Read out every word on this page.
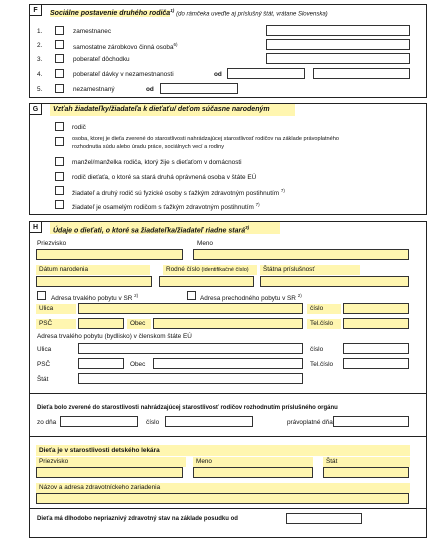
F	Sociálne postavenie druhého rodiča$^{1)}$ (do rámčeka uveďte aj príslušný štát, vrátane Slovenska)
1.	zamestnanec
2.	samostatne zárobkovo činná osoba$^{6)}$
3.	poberateľ dôchodku
4.	poberateľ dávky v nezamestnanosti	od
5.	nezamestnaný	od
G	Vzťah žiadateľky/žiadateľa k dieťaťu/ deťom súčasne narodeným
rodič
osoba, ktorej je dieťa zverené do starostlivosti nahrádzajúcej starostlivosť rodičov na základe právoplatného
rozhodnutia súdu alebo úradu práce, sociálnych vecí a rodiny
manžel/manželka rodiča, ktorý žije s dieťaťom v domácnosti
rodič dieťaťa, o ktoré sa stará druhá oprávnená osoba v štáte EÚ
žiadateľ a druhý rodič sú fyzické osoby s ťažkým zdravotným postihnutím $^{7)}$
žiadateľ je osamelým rodičom s ťažkým zdravotným postihnutím $^{7)}$
H	Údaje o dieťati, o ktoré sa žiadateľka/žiadateľ riadne stará$^{3)}$
Priezvisko	Meno
Dátum narodenia	Rodné číslo (identifikačné číslo)	Štátna príslušnosť
Adresa trvalého pobytu v SR $^{2)}$	Adresa prechodného pobytu v SR $^{2)}$
Ulica	číslo
PSČ	Obec	Tel.číslo
Adresa trvalého pobytu (bydlisko) v členskom štáte EÚ
Ulica	číslo
PSČ	Obec	Tel.číslo
Štát
Dieťa bolo zverené do starostlivosti nahrádzajúcej starostlivosť rodičov rozhodnutím príslušného orgánu
zo dňa	číslo	právoplatné dňa
Dieťa je v starostlivosti detského lekára
Priezvisko	Meno	Štát
Názov a adresa zdravotníckeho zariadenia
Dieťa má dlhodobo nepriaznivý zdravotný stav na základe posudku od
